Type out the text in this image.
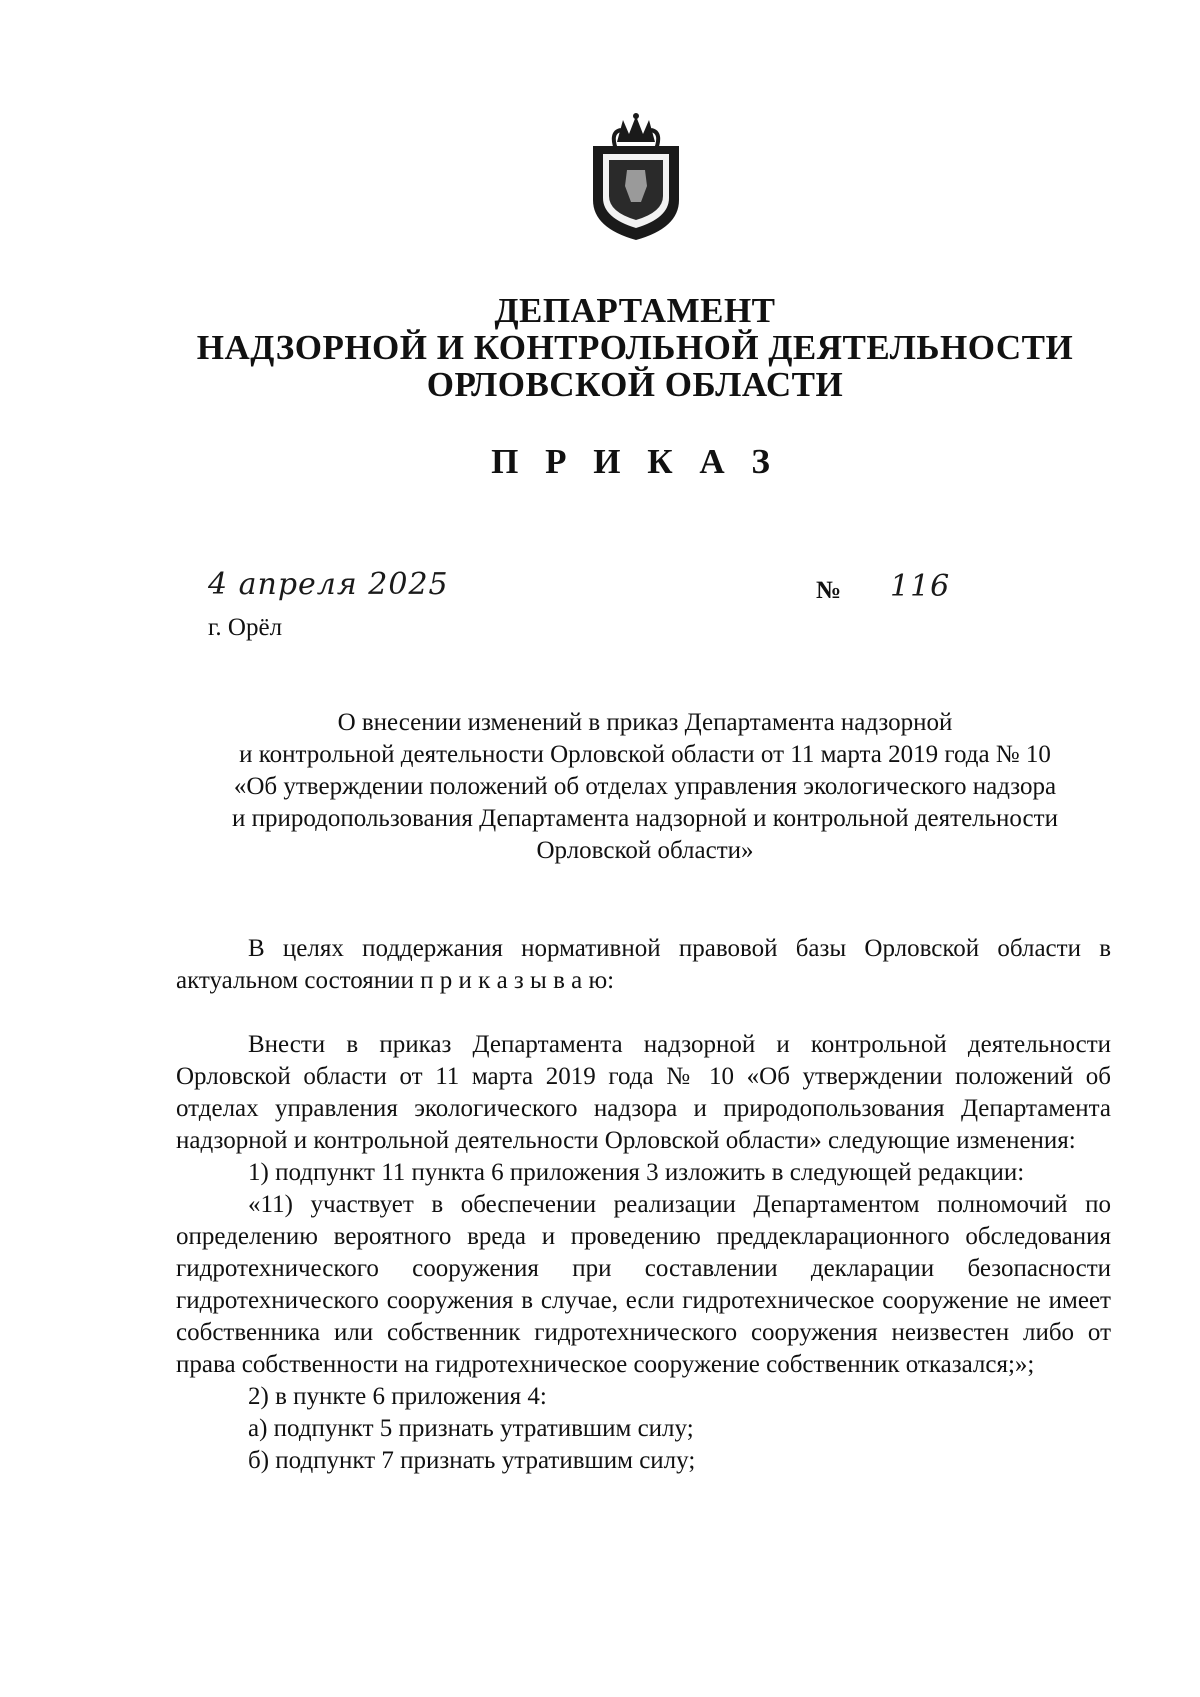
ДЕПАРТАМЕНТ
НАДЗОРНОЙ И КОНТРОЛЬНОЙ ДЕЯТЕЛЬНОСТИ
ОРЛОВСКОЙ ОБЛАСТИ
П Р И К А З
4 апреля 2025	№ 116
г. Орёл
О внесении изменений в приказ Департамента надзорной
и контрольной деятельности Орловской области от 11 марта 2019 года № 10
«Об утверждении положений об отделах управления экологического надзора
и природопользования Департамента надзорной и контрольной деятельности
Орловской области»

В целях поддержания нормативной правовой базы Орловской области в актуальном состоянии п р и к а з ы в а ю:

Внести в приказ Департамента надзорной и контрольной деятельности Орловской области от 11 марта 2019 года № 10 «Об утверждении положений об отделах управления экологического надзора и природопользования Департамента надзорной и контрольной деятельности Орловской области» следующие изменения:

1) подпункт 11 пункта 6 приложения 3 изложить в следующей редакции:

«11) участвует в обеспечении реализации Департаментом полномочий по определению вероятного вреда и проведению преддекларационного обследования гидротехнического сооружения при составлении декларации безопасности гидротехнического сооружения в случае, если гидротехническое сооружение не имеет собственника или собственник гидротехнического сооружения неизвестен либо от права собственности на гидротехническое сооружение собственник отказался;»;

2) в пункте 6 приложения 4:

а) подпункт 5 признать утратившим силу;

б) подпункт 7 признать утратившим силу;
